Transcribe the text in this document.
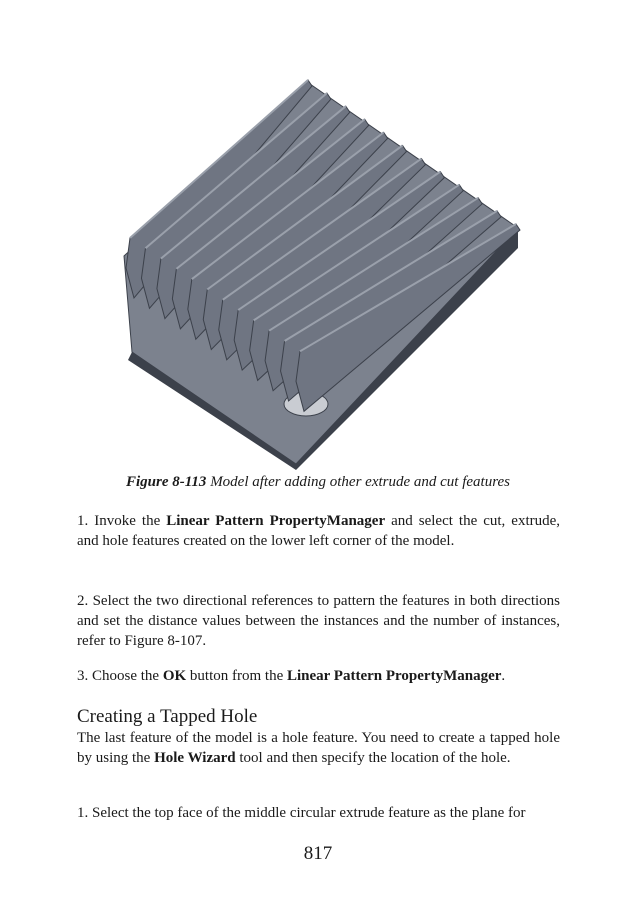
Figure 8-113 Model after adding other extrude and cut features
1. Invoke the Linear Pattern PropertyManager and select the cut, extrude, and hole features created on the lower left corner of the model.
2. Select the two directional references to pattern the features in both directions and set the distance values between the instances and the number of instances, refer to Figure 8-107.
3. Choose the OK button from the Linear Pattern PropertyManager.
Creating a Tapped Hole
The last feature of the model is a hole feature. You need to create a tapped hole by using the Hole Wizard tool and then specify the location of the hole.
1. Select the top face of the middle circular extrude feature as the plane for
817
